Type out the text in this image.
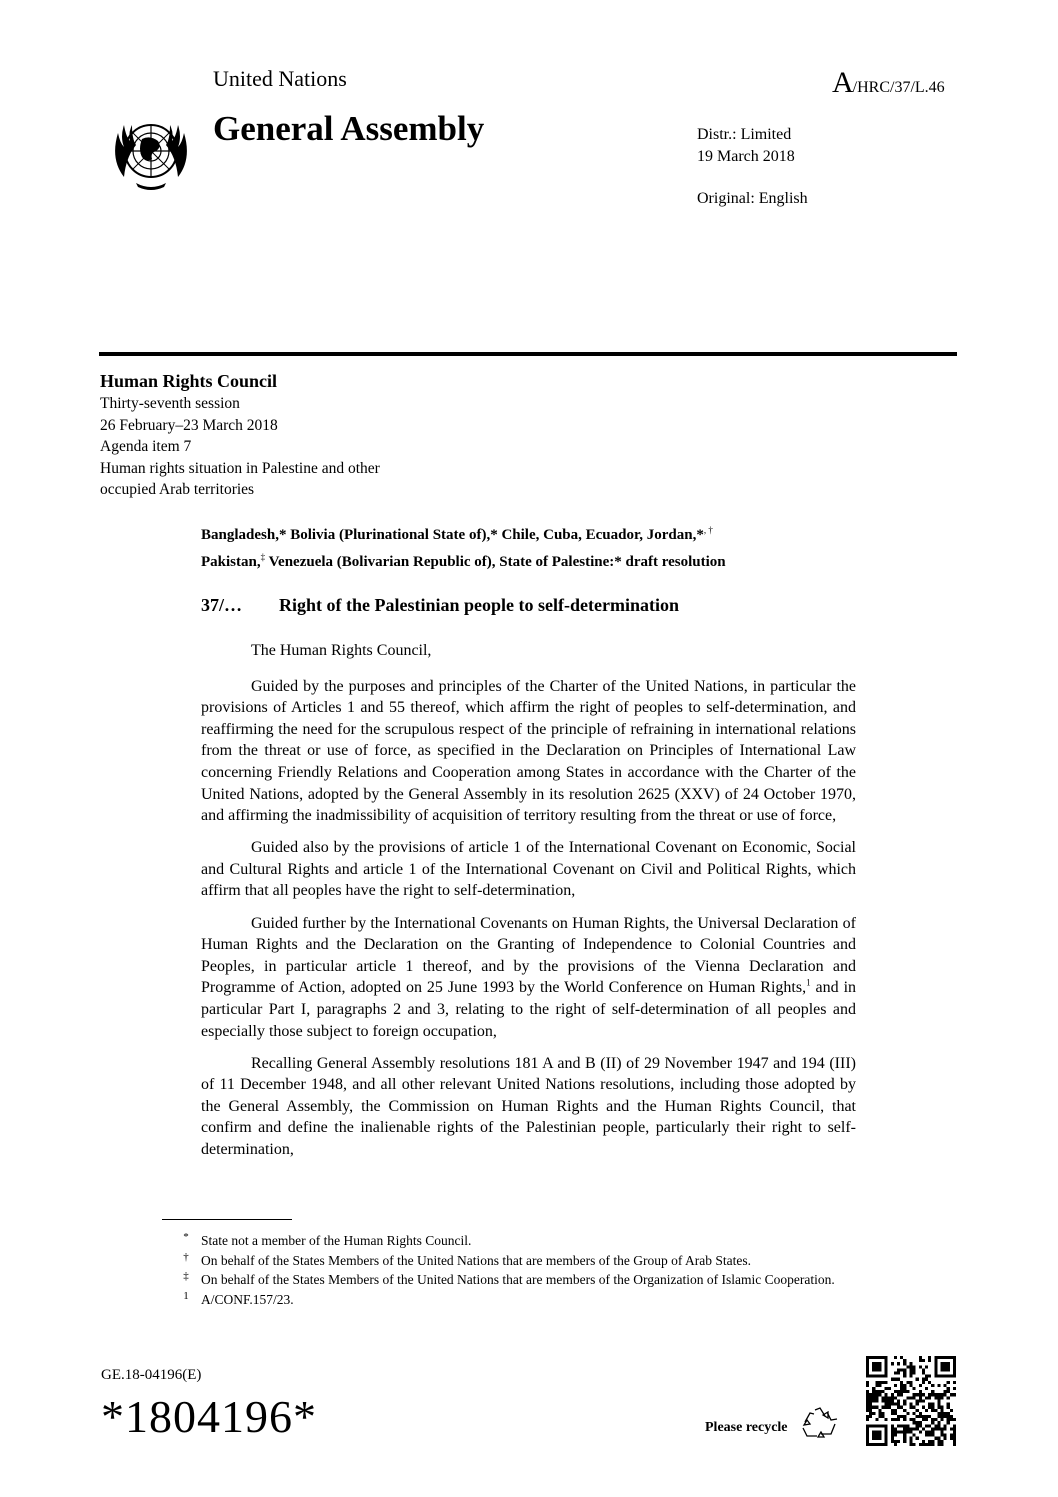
United Nations	A/HRC/37/L.46
General Assembly	Distr.: Limited
19 March 2018
Original: English
Human Rights Council
Thirty-seventh session
26 February–23 March 2018
Agenda item 7
Human rights situation in Palestine and other
occupied Arab territories
Bangladesh,* Bolivia (Plurinational State of),* Chile, Cuba, Ecuador, Jordan,*, †
Pakistan,‡ Venezuela (Bolivarian Republic of), State of Palestine:* draft resolution
37/… Right of the Palestinian people to self-determination

The Human Rights Council,

Guided by the purposes and principles of the Charter of the United Nations, in particular the provisions of Articles 1 and 55 thereof, which affirm the right of peoples to self-determination, and reaffirming the need for the scrupulous respect of the principle of refraining in international relations from the threat or use of force, as specified in the Declaration on Principles of International Law concerning Friendly Relations and Cooperation among States in accordance with the Charter of the United Nations, adopted by the General Assembly in its resolution 2625 (XXV) of 24 October 1970, and affirming the inadmissibility of acquisition of territory resulting from the threat or use of force,

Guided also by the provisions of article 1 of the International Covenant on Economic, Social and Cultural Rights and article 1 of the International Covenant on Civil and Political Rights, which affirm that all peoples have the right to self-determination,

Guided further by the International Covenants on Human Rights, the Universal Declaration of Human Rights and the Declaration on the Granting of Independence to Colonial Countries and Peoples, in particular article 1 thereof, and by the provisions of the Vienna Declaration and Programme of Action, adopted on 25 June 1993 by the World Conference on Human Rights,$^1$ and in particular Part I, paragraphs 2 and 3, relating to the right of self-determination of all peoples and especially those subject to foreign occupation,

Recalling General Assembly resolutions 181 A and B (II) of 29 November 1947 and 194 (III) of 11 December 1948, and all other relevant United Nations resolutions, including those adopted by the General Assembly, the Commission on Human Rights and the Human Rights Council, that confirm and define the inalienable rights of the Palestinian people, particularly their right to self-determination,

* State not a member of the Human Rights Council.
† On behalf of the States Members of the United Nations that are members of the Group of Arab States.
‡ On behalf of the States Members of the United Nations that are members of the Organization of Islamic Cooperation.
1 A/CONF.157/23.
GE.18-04196(E)
*1804196*	Please recycle
